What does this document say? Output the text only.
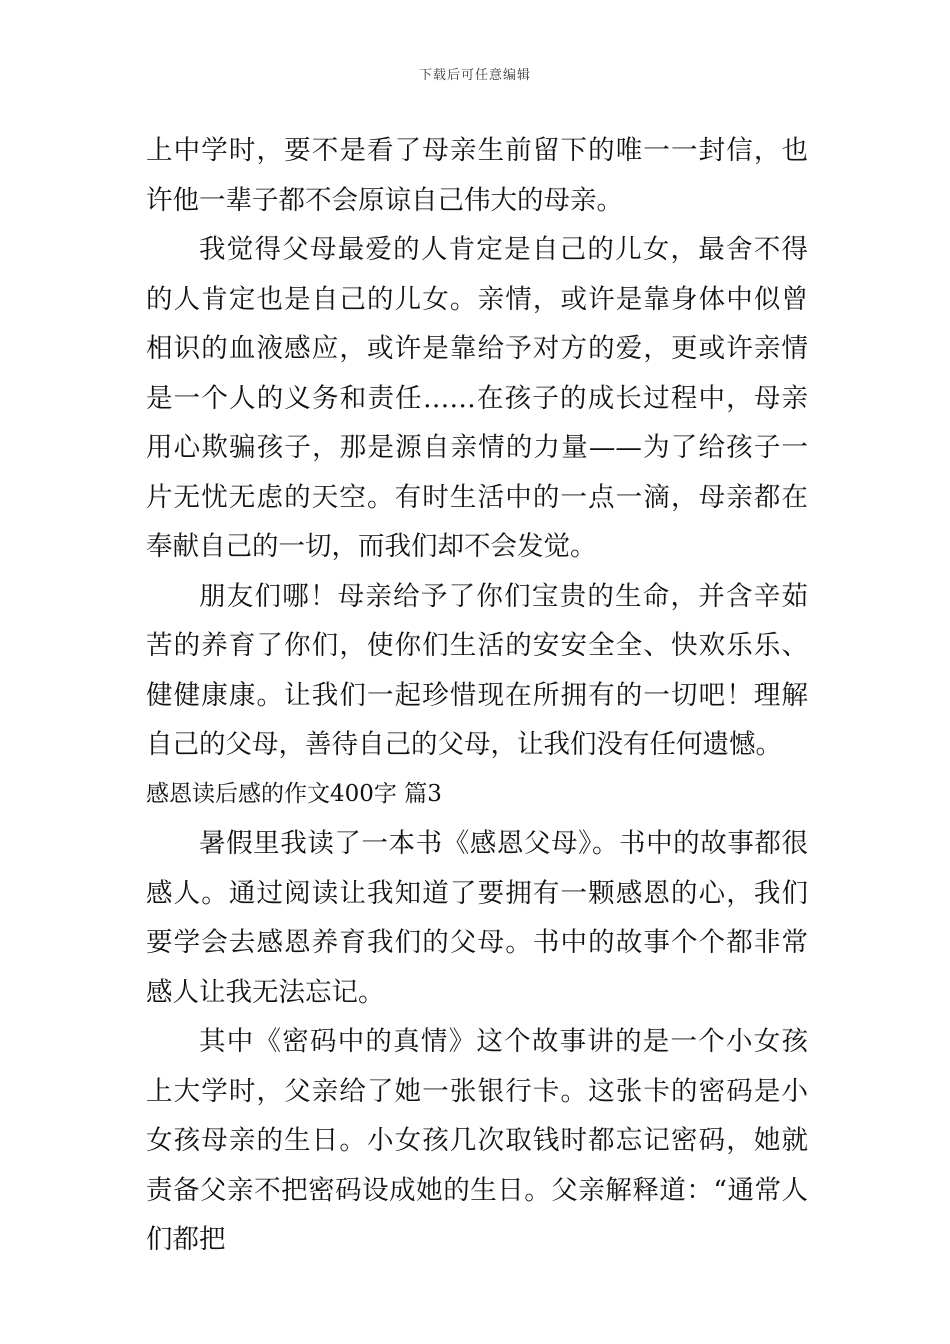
下载后可任意编辑

上中学时，要不是看了母亲生前留下的唯一一封信，也许他一辈子都不会原谅自己伟大的母亲。

我觉得父母最爱的人肯定是自己的儿女，最舍不得的人肯定也是自己的儿女。亲情，或许是靠身体中似曾相识的血液感应，或许是靠给予对方的爱，更或许亲情是一个人的义务和责任……在孩子的成长过程中，母亲用心欺骗孩子，那是源自亲情的力量——为了给孩子一片无忧无虑的天空。有时生活中的一点一滴，母亲都在奉献自己的一切，而我们却不会发觉。

朋友们哪！母亲给予了你们宝贵的生命，并含辛茹苦的养育了你们，使你们生活的安安全全、快欢乐乐、健健康康。让我们一起珍惜现在所拥有的一切吧！理解自己的父母，善待自己的父母，让我们没有任何遗憾。

感恩读后感的作文400字 篇3

暑假里我读了一本书《感恩父母》。书中的故事都很感人。通过阅读让我知道了要拥有一颗感恩的心，我们要学会去感恩养育我们的父母。书中的故事个个都非常感人让我无法忘记。

其中《密码中的真情》这个故事讲的是一个小女孩上大学时，父亲给了她一张银行卡。这张卡的密码是小女孩母亲的生日。小女孩几次取钱时都忘记密码，她就责备父亲不把密码设成她的生日。父亲解释道：“通常人们都把
